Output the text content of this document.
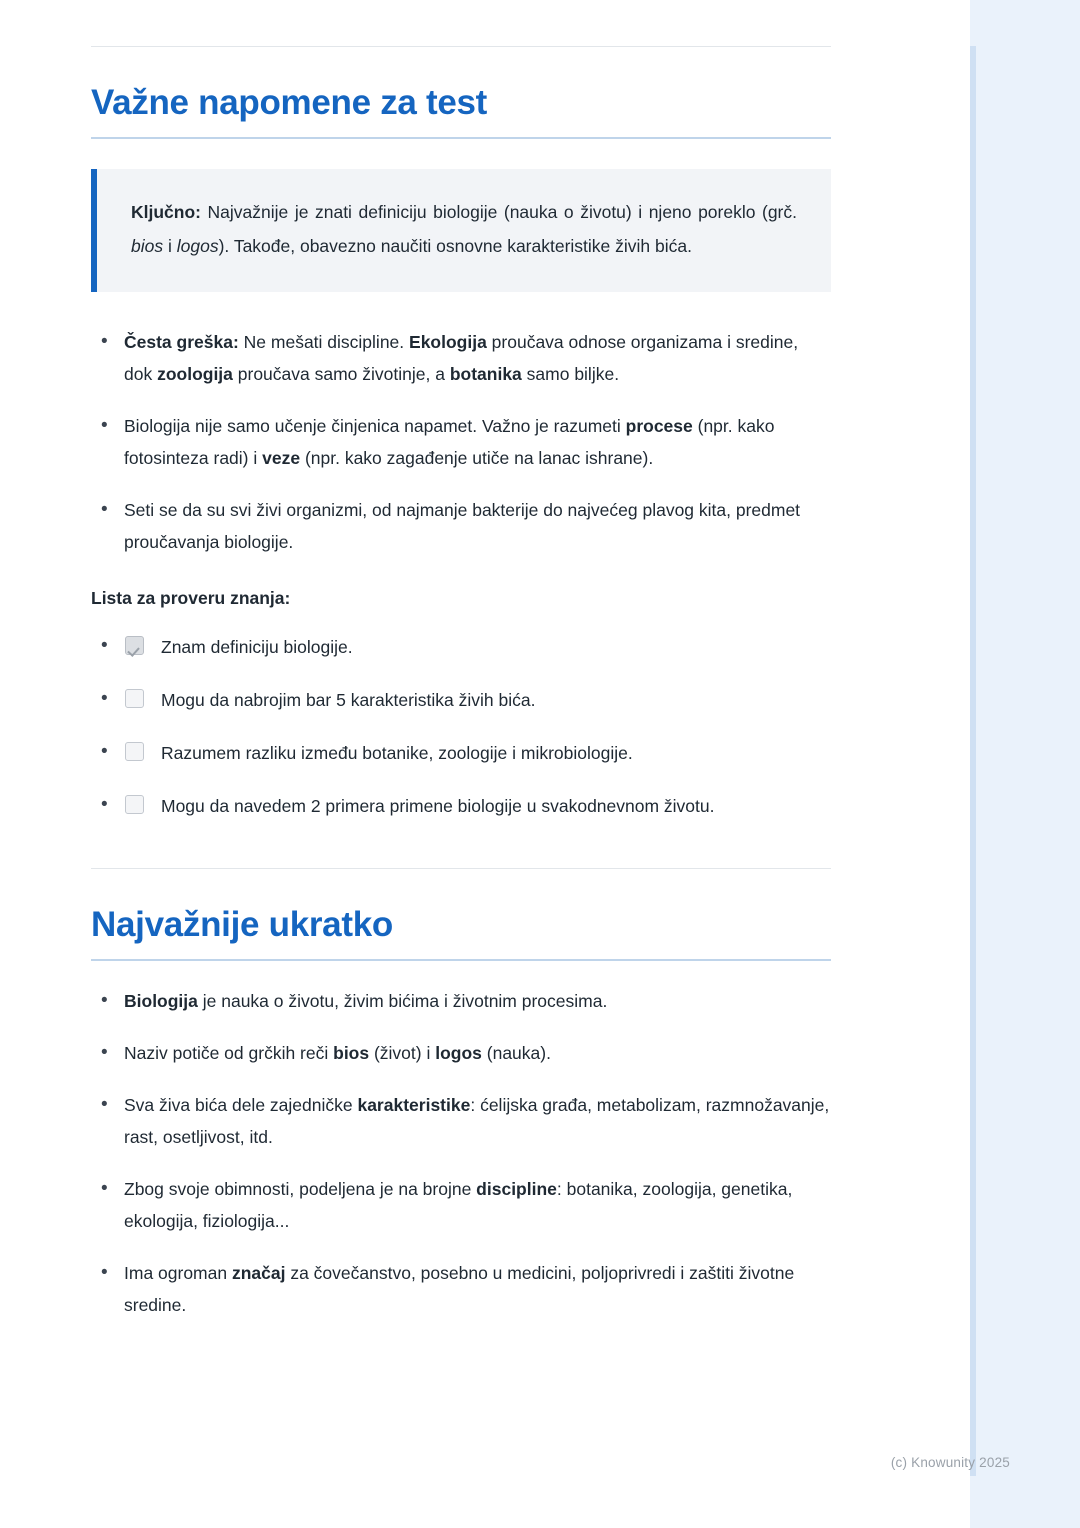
Važne napomene za test

Ključno: Najvažnije je znati definiciju biologije (nauka o životu) i njeno poreklo (grč. bios i logos). Takođe, obavezno naučiti osnovne karakteristike živih bića.

• Česta greška: Ne mešati discipline. Ekologija proučava odnose organizama i sredine, dok zoologija proučava samo životinje, a botanika samo biljke.
• Biologija nije samo učenje činjenica napamet. Važno je razumeti procese (npr. kako fotosinteza radi) i veze (npr. kako zagađenje utiče na lanac ishrane).
• Seti se da su svi živi organizmi, od najmanje bakterije do najvećeg plavog kita, predmet proučavanja biologije.
Lista za proveru znanja:
• Znam definiciju biologije.
• Mogu da nabrojim bar 5 karakteristika živih bića.
• Razumem razliku između botanike, zoologije i mikrobiologije.
• Mogu da navedem 2 primera primene biologije u svakodnevnom životu.
Najvažnije ukratko
• Biologija je nauka o životu, živim bićima i životnim procesima.
• Naziv potiče od grčkih reči bios (život) i logos (nauka).
• Sva živa bića dele zajedničke karakteristike: ćelijska građa, metabolizam, razmnožavanje, rast, osetljivost, itd.
• Zbog svoje obimnosti, podeljena je na brojne discipline: botanika, zoologija, genetika, ekologija, fiziologija...
• Ima ogroman značaj za čovečanstvo, posebno u medicini, poljoprivredi i zaštiti životne sredine.
(c) Knowunity 2025
